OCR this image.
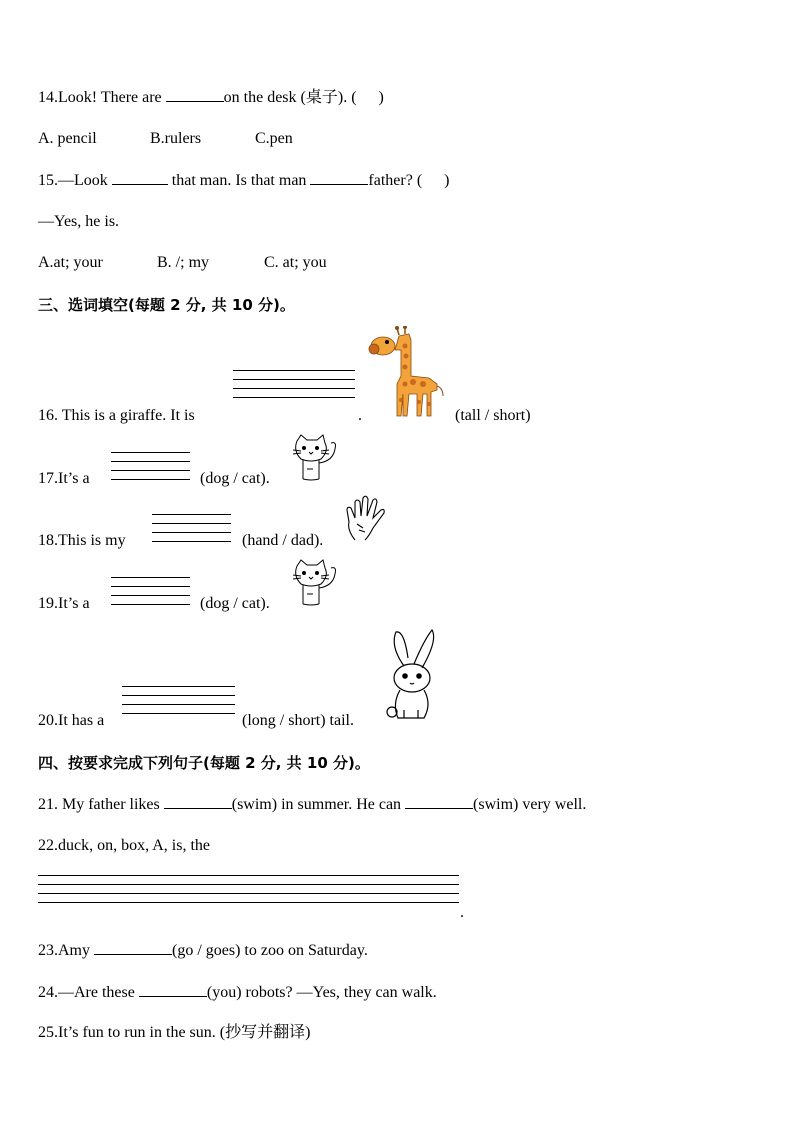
14.Look! There are	on the desk (桌子). ( )
A. pencil	B.rulers	C.pen
15.—Look	that man. Is that man	father? ( )
—Yes, he is.
A.at; your	B. /; my	C. at; you
三、选词填空(每题 2 分, 共 10 分)。
16. This is a giraffe. It is	.	(tall / short)
17.It’s a	(dog / cat).
18.This is my	(hand / dad).
19.It’s a	(dog / cat).
20.It has a	(long / short) tail.
四、按要求完成下列句子(每题 2 分, 共 10 分)。
21. My father likes	(swim) in summer. He can	(swim) very well.
22.duck, on, box, A, is, the
.
23.Amy	(go / goes) to zoo on Saturday.
24.—Are these	(you) robots? —Yes, they can walk.
25.It’s fun to run in the sun. (抄写并翻译)
